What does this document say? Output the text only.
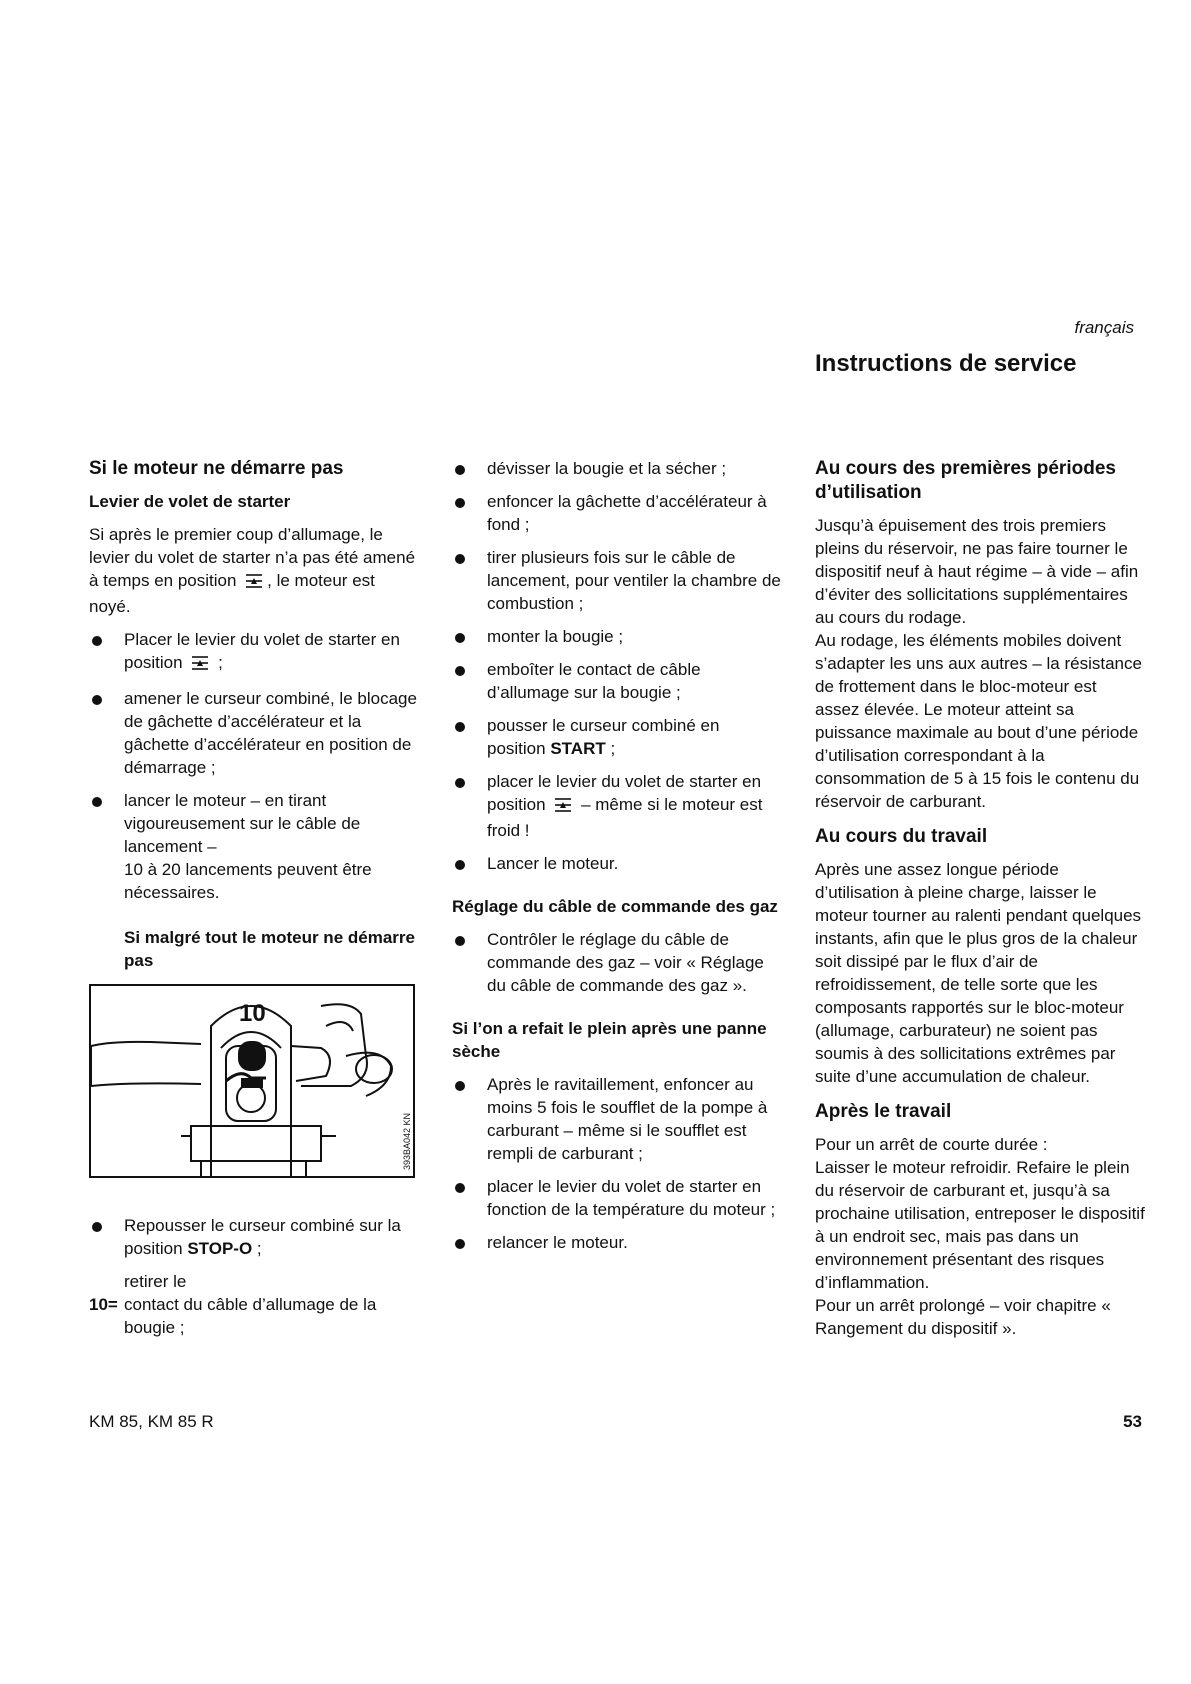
français
Instructions de service
Si le moteur ne démarre pas
Levier de volet de starter
Si après le premier coup d’allumage, le levier du volet de starter n’a pas été amené à temps en position , le moteur est noyé.
Placer le levier du volet de starter en position  ;
amener le curseur combiné, le blocage de gâchette d’accélérateur et la gâchette d’accélérateur en position de démarrage ;
lancer le moteur – en tirant vigoureusement sur le câble de lancement –
10 à 20 lancements peuvent être nécessaires.
Si malgré tout le moteur ne démarre pas
10
393BA042 KN
Repousser le curseur combiné sur la position STOP-O ;
retirer le
10= contact du câble d’allumage de la bougie ;
dévisser la bougie et la sécher ;
enfoncer la gâchette d’accélérateur à fond ;
tirer plusieurs fois sur le câble de lancement, pour ventiler la chambre de combustion ;
monter la bougie ;
emboîter le contact de câble d’allumage sur la bougie ;
pousser le curseur combiné en position START ;
placer le levier du volet de starter en position  – même si le moteur est froid !
Lancer le moteur.
Réglage du câble de commande des gaz
Contrôler le réglage du câble de commande des gaz – voir « Réglage du câble de commande des gaz ».
Si l’on a refait le plein après une panne sèche
Après le ravitaillement, enfoncer au moins 5 fois le soufflet de la pompe à carburant – même si le soufflet est rempli de carburant ;
placer le levier du volet de starter en fonction de la température du moteur ;
relancer le moteur.
Au cours des premières périodes d’utilisation
Jusqu’à épuisement des trois premiers pleins du réservoir, ne pas faire tourner le dispositif neuf à haut régime – à vide – afin d’éviter des sollicitations supplémentaires au cours du rodage.
Au rodage, les éléments mobiles doivent s’adapter les uns aux autres – la résistance de frottement dans le bloc-moteur est assez élevée. Le moteur atteint sa puissance maximale au bout d’une période d’utilisation correspondant à la consommation de 5 à 15 fois le contenu du réservoir de carburant.
Au cours du travail
Après une assez longue période d’utilisation à pleine charge, laisser le moteur tourner au ralenti pendant quelques instants, afin que le plus gros de la chaleur soit dissipé par le flux d’air de refroidissement, de telle sorte que les composants rapportés sur le bloc-moteur (allumage, carburateur) ne soient pas soumis à des sollicitations extrêmes par suite d’une accumulation de chaleur.
Après le travail
Pour un arrêt de courte durée :
Laisser le moteur refroidir. Refaire le plein du réservoir de carburant et, jusqu’à sa prochaine utilisation, entreposer le dispositif à un endroit sec, mais pas dans un environnement présentant des risques d’inflammation.
Pour un arrêt prolongé – voir chapitre « Rangement du dispositif ».
KM 85, KM 85 R	53
